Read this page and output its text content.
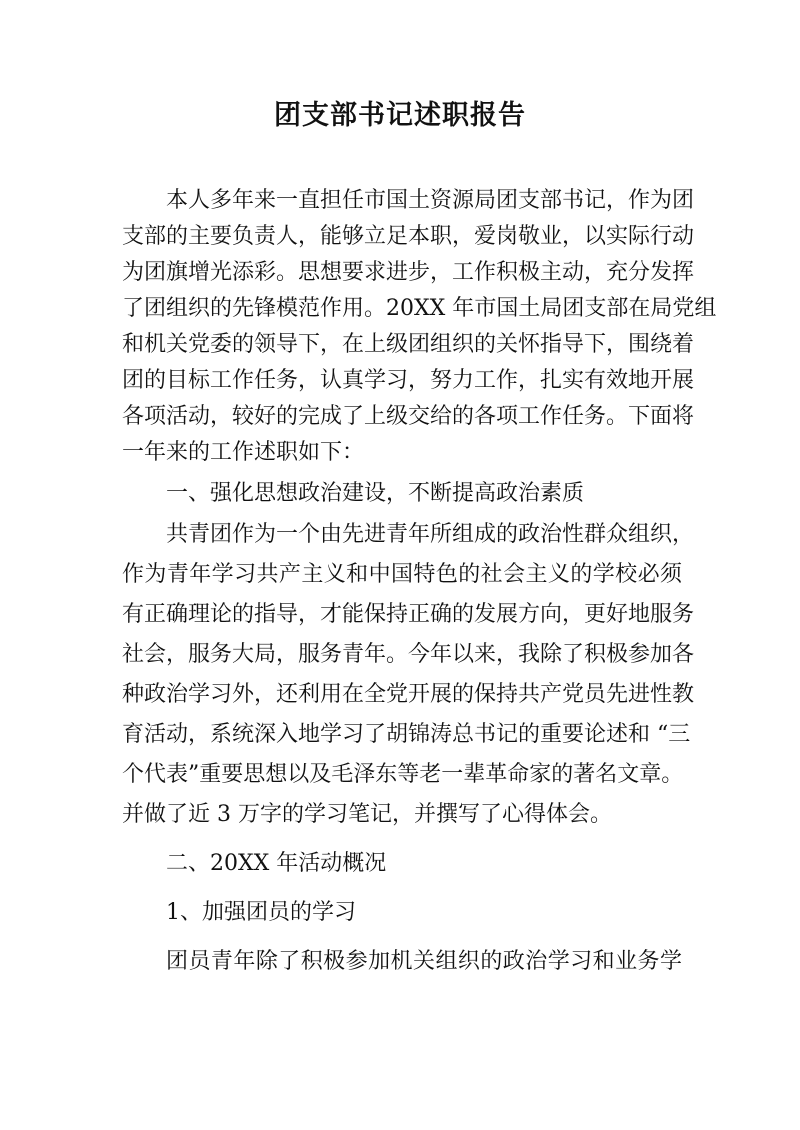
团支部书记述职报告
本人多年来一直担任市国土资源局团支部书记，作为团
支部的主要负责人，能够立足本职，爱岗敬业，以实际行动
为团旗增光添彩。思想要求进步，工作积极主动，充分发挥
了团组织的先锋模范作用。20XX 年市国土局团支部在局党组
和机关党委的领导下，在上级团组织的关怀指导下，围绕着
团的目标工作任务，认真学习，努力工作，扎实有效地开展
各项活动，较好的完成了上级交给的各项工作任务。下面将
一年来的工作述职如下：
一、强化思想政治建设，不断提高政治素质
共青团作为一个由先进青年所组成的政治性群众组织，
作为青年学习共产主义和中国特色的社会主义的学校必须
有正确理论的指导，才能保持正确的发展方向，更好地服务
社会，服务大局，服务青年。今年以来，我除了积极参加各
种政治学习外，还利用在全党开展的保持共产党员先进性教
育活动，系统深入地学习了胡锦涛总书记的重要论述和 “三
个代表”重要思想以及毛泽东等老一辈革命家的著名文章。
并做了近 3 万字的学习笔记，并撰写了心得体会。
二、20XX 年活动概况
1、加强团员的学习
团员青年除了积极参加机关组织的政治学习和业务学
